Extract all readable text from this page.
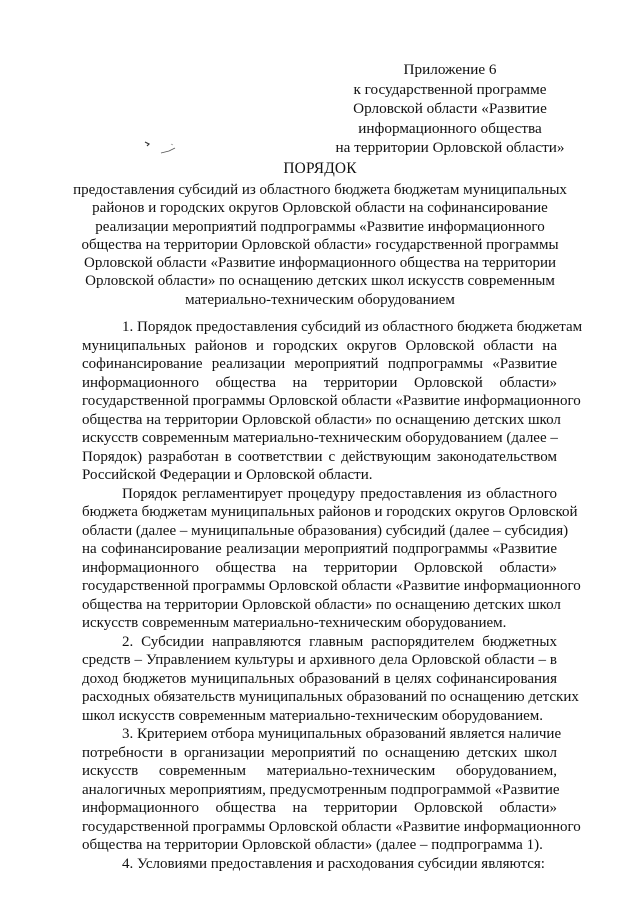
Приложение 6
к государственной программе
Орловской области «Развитие
информационного общества
на территории Орловской области»
ПОРЯДОК
предоставления субсидий из областного бюджета бюджетам муниципальных
районов и городских округов Орловской области на софинансирование
реализации мероприятий подпрограммы «Развитие информационного
общества на территории Орловской области» государственной программы
Орловской области «Развитие информационного общества на территории
Орловской области» по оснащению детских школ искусств современным
материально-техническим оборудованием
1. Порядок предоставления субсидий из областного бюджета бюджетам
муниципальных районов и городских округов Орловской области на
софинансирование реализации мероприятий подпрограммы «Развитие
информационного общества на территории Орловской области»
государственной программы Орловской области «Развитие информационного
общества на территории Орловской области» по оснащению детских школ
искусств современным материально-техническим оборудованием (далее –
Порядок) разработан в соответствии с действующим законодательством
Российской Федерации и Орловской области.
Порядок регламентирует процедуру предоставления из областного
бюджета бюджетам муниципальных районов и городских округов Орловской
области (далее – муниципальные образования) субсидий (далее – субсидия)
на софинансирование реализации мероприятий подпрограммы «Развитие
информационного общества на территории Орловской области»
государственной программы Орловской области «Развитие информационного
общества на территории Орловской области» по оснащению детских школ
искусств современным материально-техническим оборудованием.
2. Субсидии направляются главным распорядителем бюджетных
средств – Управлением культуры и архивного дела Орловской области – в
доход бюджетов муниципальных образований в целях софинансирования
расходных обязательств муниципальных образований по оснащению детских
школ искусств современным материально-техническим оборудованием.
3. Критерием отбора муниципальных образований является наличие
потребности в организации мероприятий по оснащению детских школ
искусств современным материально-техническим оборудованием,
аналогичных мероприятиям, предусмотренным подпрограммой «Развитие
информационного общества на территории Орловской области»
государственной программы Орловской области «Развитие информационного
общества на территории Орловской области» (далее – подпрограмма 1).
4. Условиями предоставления и расходования субсидии являются:
